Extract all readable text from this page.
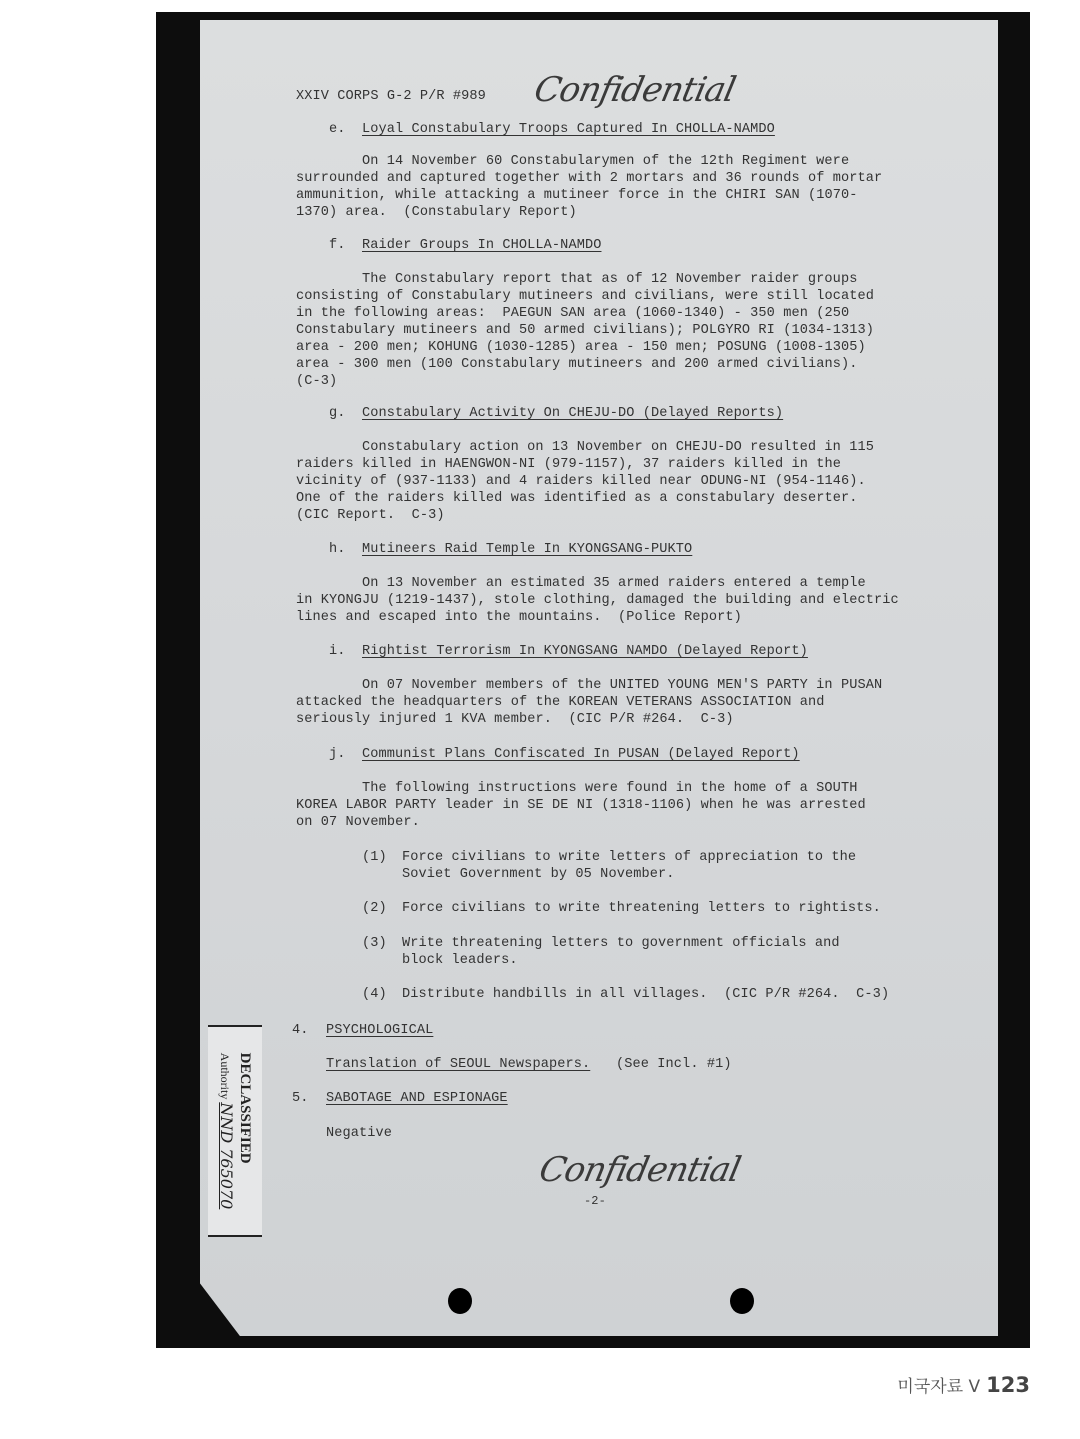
XXIV CORPS G-2 P/R #989 Confidential
e. Loyal Constabulary Troops Captured In CHOLLA-NAMDO
On 14 November 60 Constabularymen of the 12th Regiment were
surrounded and captured together with 2 mortars and 36 rounds of mortar
ammunition, while attacking a mutineer force in the CHIRI SAN (1070-
1370) area.  (Constabulary Report)
f. Raider Groups In CHOLLA-NAMDO
The Constabulary report that as of 12 November raider groups
consisting of Constabulary mutineers and civilians, were still located
in the following areas:  PAEGUN SAN area (1060-1340) - 350 men (250
Constabulary mutineers and 50 armed civilians); POLGYRO RI (1034-1313)
area - 200 men; KOHUNG (1030-1285) area - 150 men; POSUNG (1008-1305)
area - 300 men (100 Constabulary mutineers and 200 armed civilians).
(C-3)
g. Constabulary Activity On CHEJU-DO (Delayed Reports)
Constabulary action on 13 November on CHEJU-DO resulted in 115
raiders killed in HAENGWON-NI (979-1157), 37 raiders killed in the
vicinity of (937-1133) and 4 raiders killed near ODUNG-NI (954-1146).
One of the raiders killed was identified as a constabulary deserter.
(CIC Report.  C-3)
h. Mutineers Raid Temple In KYONGSANG-PUKTO
On 13 November an estimated 35 armed raiders entered a temple
in KYONGJU (1219-1437), stole clothing, damaged the building and electric
lines and escaped into the mountains.  (Police Report)
i. Rightist Terrorism In KYONGSANG NAMDO (Delayed Report)
On 07 November members of the UNITED YOUNG MEN'S PARTY in PUSAN
attacked the headquarters of the KOREAN VETERANS ASSOCIATION and
seriously injured 1 KVA member.  (CIC P/R #264.  C-3)
j. Communist Plans Confiscated In PUSAN (Delayed Report)
The following instructions were found in the home of a SOUTH
KOREA LABOR PARTY leader in SE DE NI (1318-1106) when he was arrested
on 07 November.
(1) Force civilians to write letters of appreciation to the
Soviet Government by 05 November.
(2) Force civilians to write threatening letters to rightists.
(3) Write threatening letters to government officials and
block leaders.
(4) Distribute handbills in all villages.  (CIC P/R #264.  C-3)
4. PSYCHOLOGICAL
Translation of SEOUL Newspapers. (See Incl. #1)
5. SABOTAGE AND ESPIONAGE
Negative
Confidential
-2-
DECLASSIFIED
Authority NND 765070
미국자료 Ⅴ 123
